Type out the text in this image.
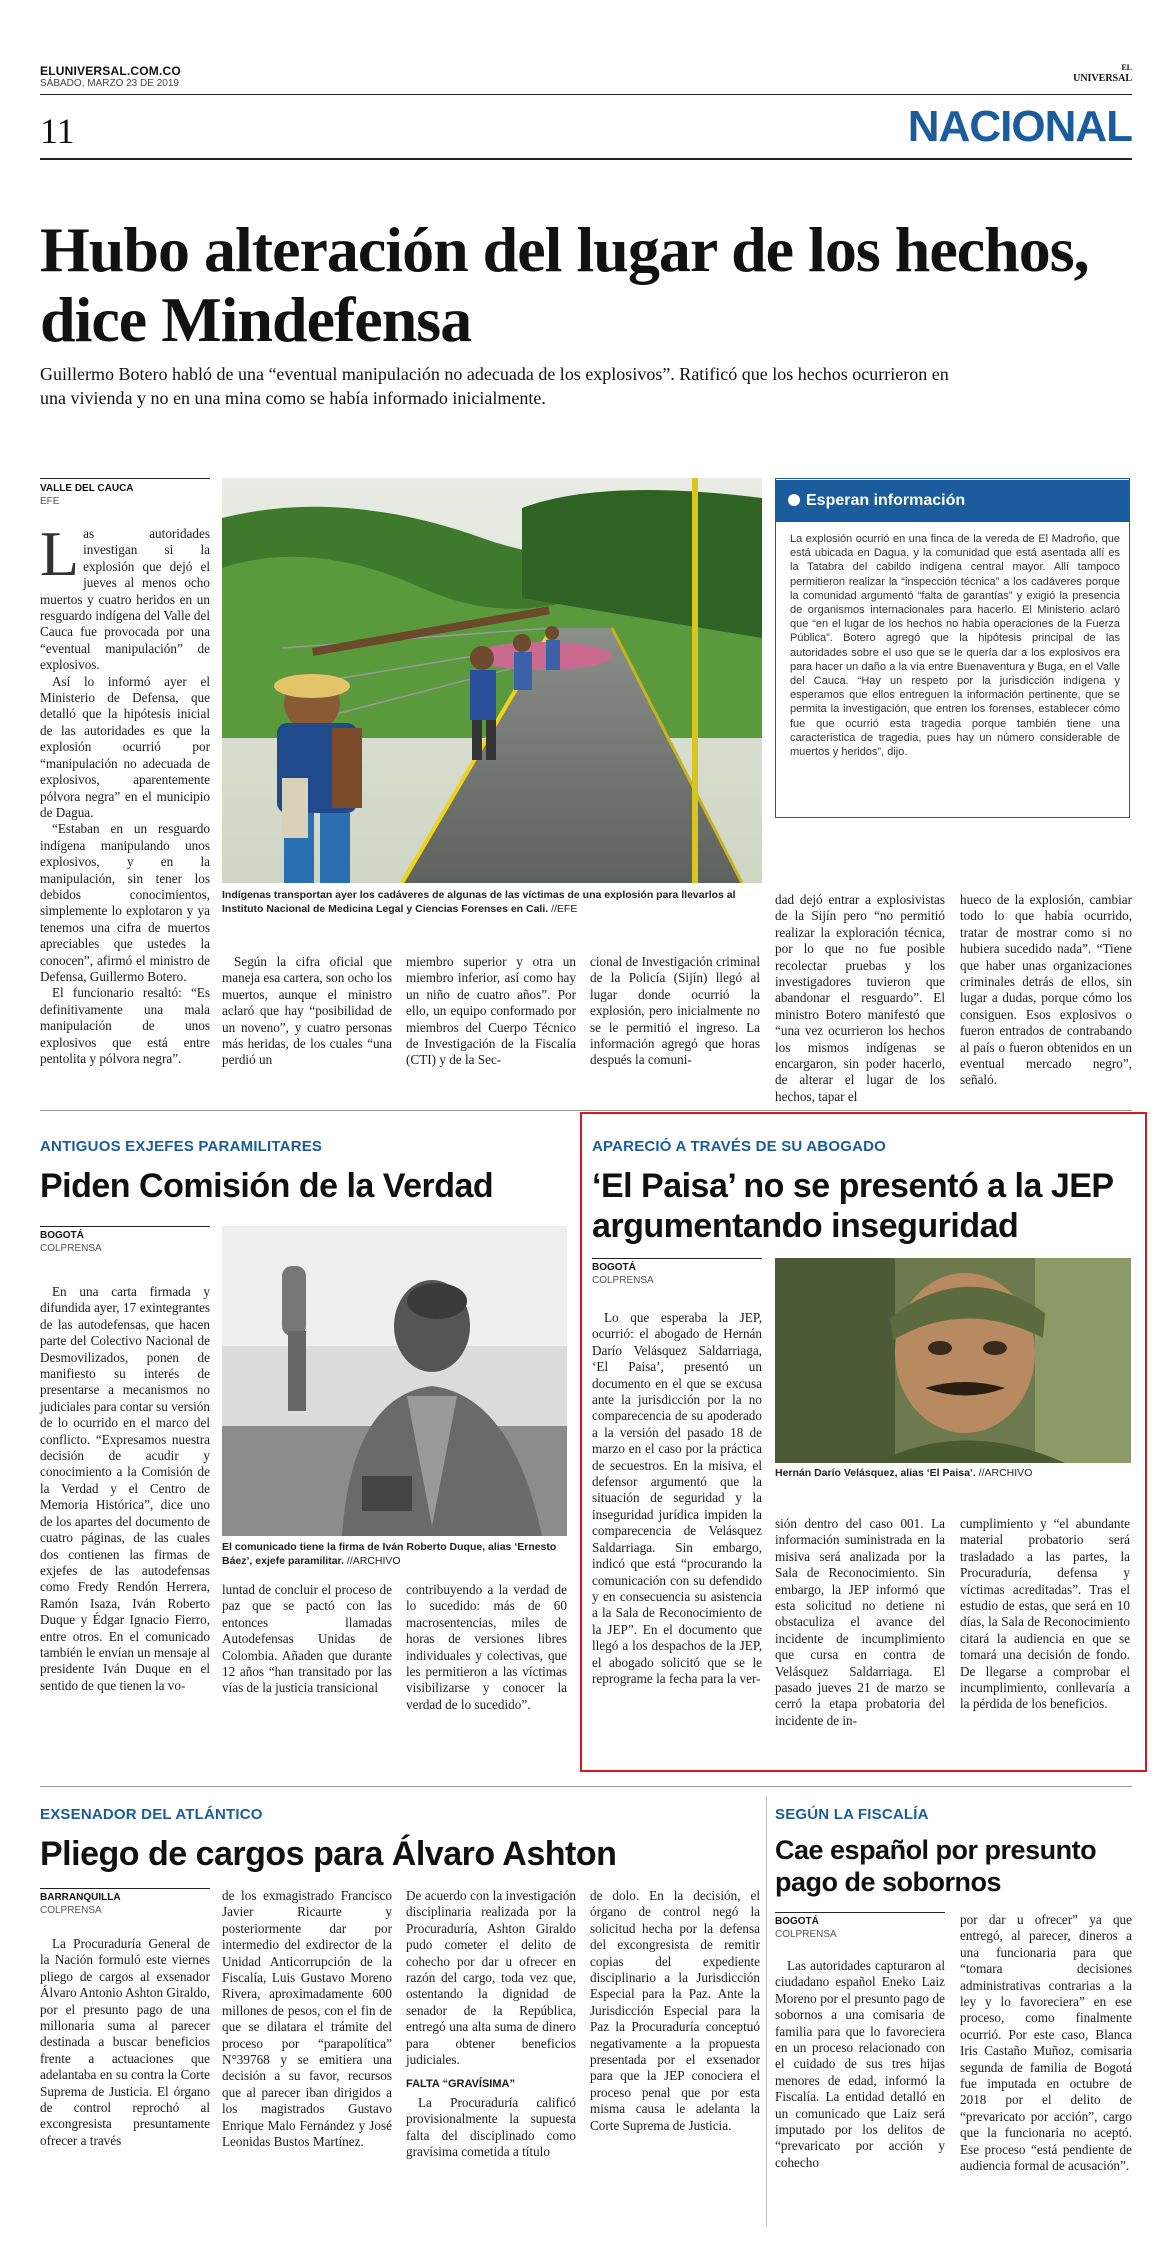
ELUNIVERSAL.COM.CO
SÁBADO, MARZO 23 DE 2019
EL
UNIVERSAL
11	NACIONAL
Hubo alteración del lugar de los hechos, dice Mindefensa
Guillermo Botero habló de una “eventual manipulación no adecuada de los explosivos”. Ratificó que los hechos ocurrieron en una vivienda y no en una mina como se había informado inicialmente.
VALLE DEL CAUCA
EFE
L as autoridades investigan si la explosión que dejó el jueves al menos ocho muertos y cuatro heridos en un resguardo indígena del Valle del Cauca fue provocada por una “eventual manipulación” de explosivos.

Así lo informó ayer el Ministerio de Defensa, que detalló que la hipótesis inicial de las autoridades es que la explosión ocurrió por “manipulación no adecuada de explosivos, aparentemente pólvora negra” en el municipio de Dagua.

“Estaban en un resguardo indígena manipulando unos explosivos, y en la manipulación, sin tener los debidos conocimientos, simplemente lo explotaron y ya tenemos una cifra de muertos apreciables que ustedes la conocen”, afirmó el ministro de Defensa, Guillermo Botero.

El funcionario resaltó: “Es definitivamente una mala manipulación de unos explosivos que está entre pentolita y pólvora negra”.

Indígenas transportan ayer los cadáveres de algunas de las víctimas de una explosión para llevarlos al Instituto Nacional de Medicina Legal y Ciencias Forenses en Cali. //EFE

Según la cifra oficial que maneja esa cartera, son ocho los muertos, aunque el ministro aclaró que hay “posibilidad de un noveno”, y cuatro personas más heridas, de los cuales “una perdió un

miembro superior y otra un miembro inferior, así como hay un niño de cuatro años”. Por ello, un equipo conformado por miembros del Cuerpo Técnico de Investigación de la Fiscalía (CTI) y de la Sec-

cional de Investigación criminal de la Policía (Sijín) llegó al lugar donde ocurrió la explosión, pero inicialmente no se le permitió el ingreso. La información agregó que horas después la comuni-

dad dejó entrar a explosivistas de la Sijín pero “no permitió realizar la exploración técnica, por lo que no fue posible recolectar pruebas y los investigadores tuvieron que abandonar el resguardo”. El ministro Botero manifestó que “una vez ocurrieron los hechos los mismos indígenas se encargaron, sin poder hacerlo, de alterar el lugar de los hechos, tapar el

hueco de la explosión, cambiar todo lo que había ocurrido, tratar de mostrar como si no hubiera sucedido nada”. “Tiene que haber unas organizaciones criminales detrás de ellos, sin lugar a dudas, porque cómo los consiguen. Esos explosivos o fueron entrados de contrabando al país o fueron obtenidos en un eventual mercado negro”, señaló.

Esperan información
La explosión ocurrió en una finca de la vereda de El Madroño, que está ubicada en Dagua, y la comunidad que está asentada allí es la Tatabra del cabildo indígena central mayor. Allí tampoco permitieron realizar la “inspección técnica” a los cadáveres porque la comunidad argumentó “falta de garantías” y exigió la presencia de organismos internacionales para hacerlo. El Ministerio aclaró que “en el lugar de los hechos no había operaciones de la Fuerza Pública”. Botero agregó que la hipótesis principal de las autoridades sobre el uso que se le quería dar a los explosivos era para hacer un daño a la vía entre Buenaventura y Buga, en el Valle del Cauca. “Hay un respeto por la jurisdicción indígena y esperamos que ellos entreguen la información pertinente, que se permita la investigación, que entren los forenses, establecer cómo fue que ocurrió esta tragedia porque también tiene una característica de tragedia, pues hay un número considerable de muertos y heridos”, dijo.
ANTIGUOS EXJEFES PARAMILITARES
Piden Comisión de la Verdad
BOGOTÁ
COLPRENSA

En una carta firmada y difundida ayer, 17 exintegrantes de las autodefensas, que hacen parte del Colectivo Nacional de Desmovilizados, ponen de manifiesto su interés de presentarse a mecanismos no judiciales para contar su versión de lo ocurrido en el marco del conflicto. “Expresamos nuestra decisión de acudir y conocimiento a la Comisión de la Verdad y el Centro de Memoria Histórica”, dice uno de los apartes del documento de cuatro páginas, de las cuales dos contienen las firmas de exjefes de las autodefensas como Fredy Rendón Herrera, Ramón Isaza, Iván Roberto Duque y Édgar Ignacio Fierro, entre otros. En el comunicado también le envían un mensaje al presidente Iván Duque en el sentido de que tienen la vo-

El comunicado tiene la firma de Iván Roberto Duque, alias ‘Ernesto Báez’, exjefe paramilitar. //ARCHIVO

luntad de concluir el proceso de paz que se pactó con las entonces llamadas Autodefensas Unidas de Colombia. Añaden que durante 12 años “han transitado por las vías de la justicia transicional

contribuyendo a la verdad de lo sucedido: más de 60 macrosentencias, miles de horas de versiones libres individuales y colectivas, que les permitieron a las víctimas visibilizarse y conocer la verdad de lo sucedido”.

APARECIÓ A TRAVÉS DE SU ABOGADO
‘El Paisa’ no se presentó a la JEP argumentando inseguridad
BOGOTÁ
COLPRENSA

Lo que esperaba la JEP, ocurrió: el abogado de Hernán Darío Velásquez Saldarriaga, ‘El Paisa’, presentó un documento en el que se excusa ante la jurisdicción por la no comparecencia de su apoderado a la versión del pasado 18 de marzo en el caso por la práctica de secuestros. En la misiva, el defensor argumentó que la situación de seguridad y la inseguridad jurídica impiden la comparecencia de Velásquez Saldarriaga. Sin embargo, indicó que está “procurando la comunicación con su defendido y en consecuencia su asistencia a la Sala de Reconocimiento de la JEP”. En el documento que llegó a los despachos de la JEP, el abogado solicitó que se le reprograme la fecha para la ver-

Hernán Darío Velásquez, alias ‘El Paisa’. //ARCHIVO

sión dentro del caso 001. La información suministrada en la misiva será analizada por la Sala de Reconocimiento. Sin embargo, la JEP informó que esta solicitud no detiene ni obstaculiza el avance del incidente de incumplimiento que cursa en contra de Velásquez Saldarriaga. El pasado jueves 21 de marzo se cerró la etapa probatoria del incidente de in-

cumplimiento y “el abundante material probatorio será trasladado a las partes, la Procuraduría, defensa y víctimas acreditadas”. Tras el estudio de estas, que será en 10 días, la Sala de Reconocimiento citará la audiencia en que se tomará una decisión de fondo. De llegarse a comprobar el incumplimiento, conllevaría a la pérdida de los beneficios.

EXSENADOR DEL ATLÁNTICO
Pliego de cargos para Álvaro Ashton
BARRANQUILLA
COLPRENSA

La Procuraduría General de la Nación formuló este viernes pliego de cargos al exsenador Álvaro Antonio Ashton Giraldo, por el presunto pago de una millonaria suma al parecer destinada a buscar beneficios frente a actuaciones que adelantaba en su contra la Corte Suprema de Justicia. El órgano de control reprochó al excongresista presuntamente ofrecer a través

de los exmagistrado Francisco Javier Ricaurte y posteriormente dar por intermedio del exdirector de la Unidad Anticorrupción de la Fiscalía, Luis Gustavo Moreno Rivera, aproximadamente 600 millones de pesos, con el fin de que se dilatara el trámite del proceso por “parapolítica” N°39768 y se emitiera una decisión a su favor, recursos que al parecer iban dirigidos a los magistrados Gustavo Enrique Malo Fernández y José Leonidas Bustos Martínez.

De acuerdo con la investigación disciplinaria realizada por la Procuraduría, Ashton Giraldo pudo cometer el delito de cohecho por dar u ofrecer en razón del cargo, toda vez que, ostentando la dignidad de senador de la República, entregó una alta suma de dinero para obtener beneficios judiciales.

FALTA “GRAVÍSIMA”

La Procuraduría calificó provisionalmente la supuesta falta del disciplinado como gravísima cometida a título

de dolo. En la decisión, el órgano de control negó la solicitud hecha por la defensa del excongresista de remitir copias del expediente disciplinario a la Jurisdicción Especial para la Paz. Ante la Jurisdicción Especial para la Paz la Procuraduría conceptuó negativamente a la propuesta presentada por el exsenador para que la JEP conociera el proceso penal que por esta misma causa le adelanta la Corte Suprema de Justicia.

SEGÚN LA FISCALÍA
Cae español por presunto pago de sobornos
BOGOTÁ
COLPRENSA

Las autoridades capturaron al ciudadano español Eneko Laiz Moreno por el presunto pago de sobornos a una comisaria de familia para que lo favoreciera en un proceso relacionado con el cuidado de sus tres hijas menores de edad, informó la Fiscalía. La entidad detalló en un comunicado que Laiz será imputado por los delitos de “prevaricato por acción y cohecho

por dar u ofrecer” ya que entregó, al parecer, dineros a una funcionaria para que “tomara decisiones administrativas contrarias a la ley y lo favoreciera” en ese proceso, como finalmente ocurrió. Por este caso, Blanca Iris Castaño Muñoz, comisaria segunda de familia de Bogotá fue imputada en octubre de 2018 por el delito de “prevaricato por acción”, cargo que la funcionaria no aceptó. Ese proceso “está pendiente de audiencia formal de acusación”.
